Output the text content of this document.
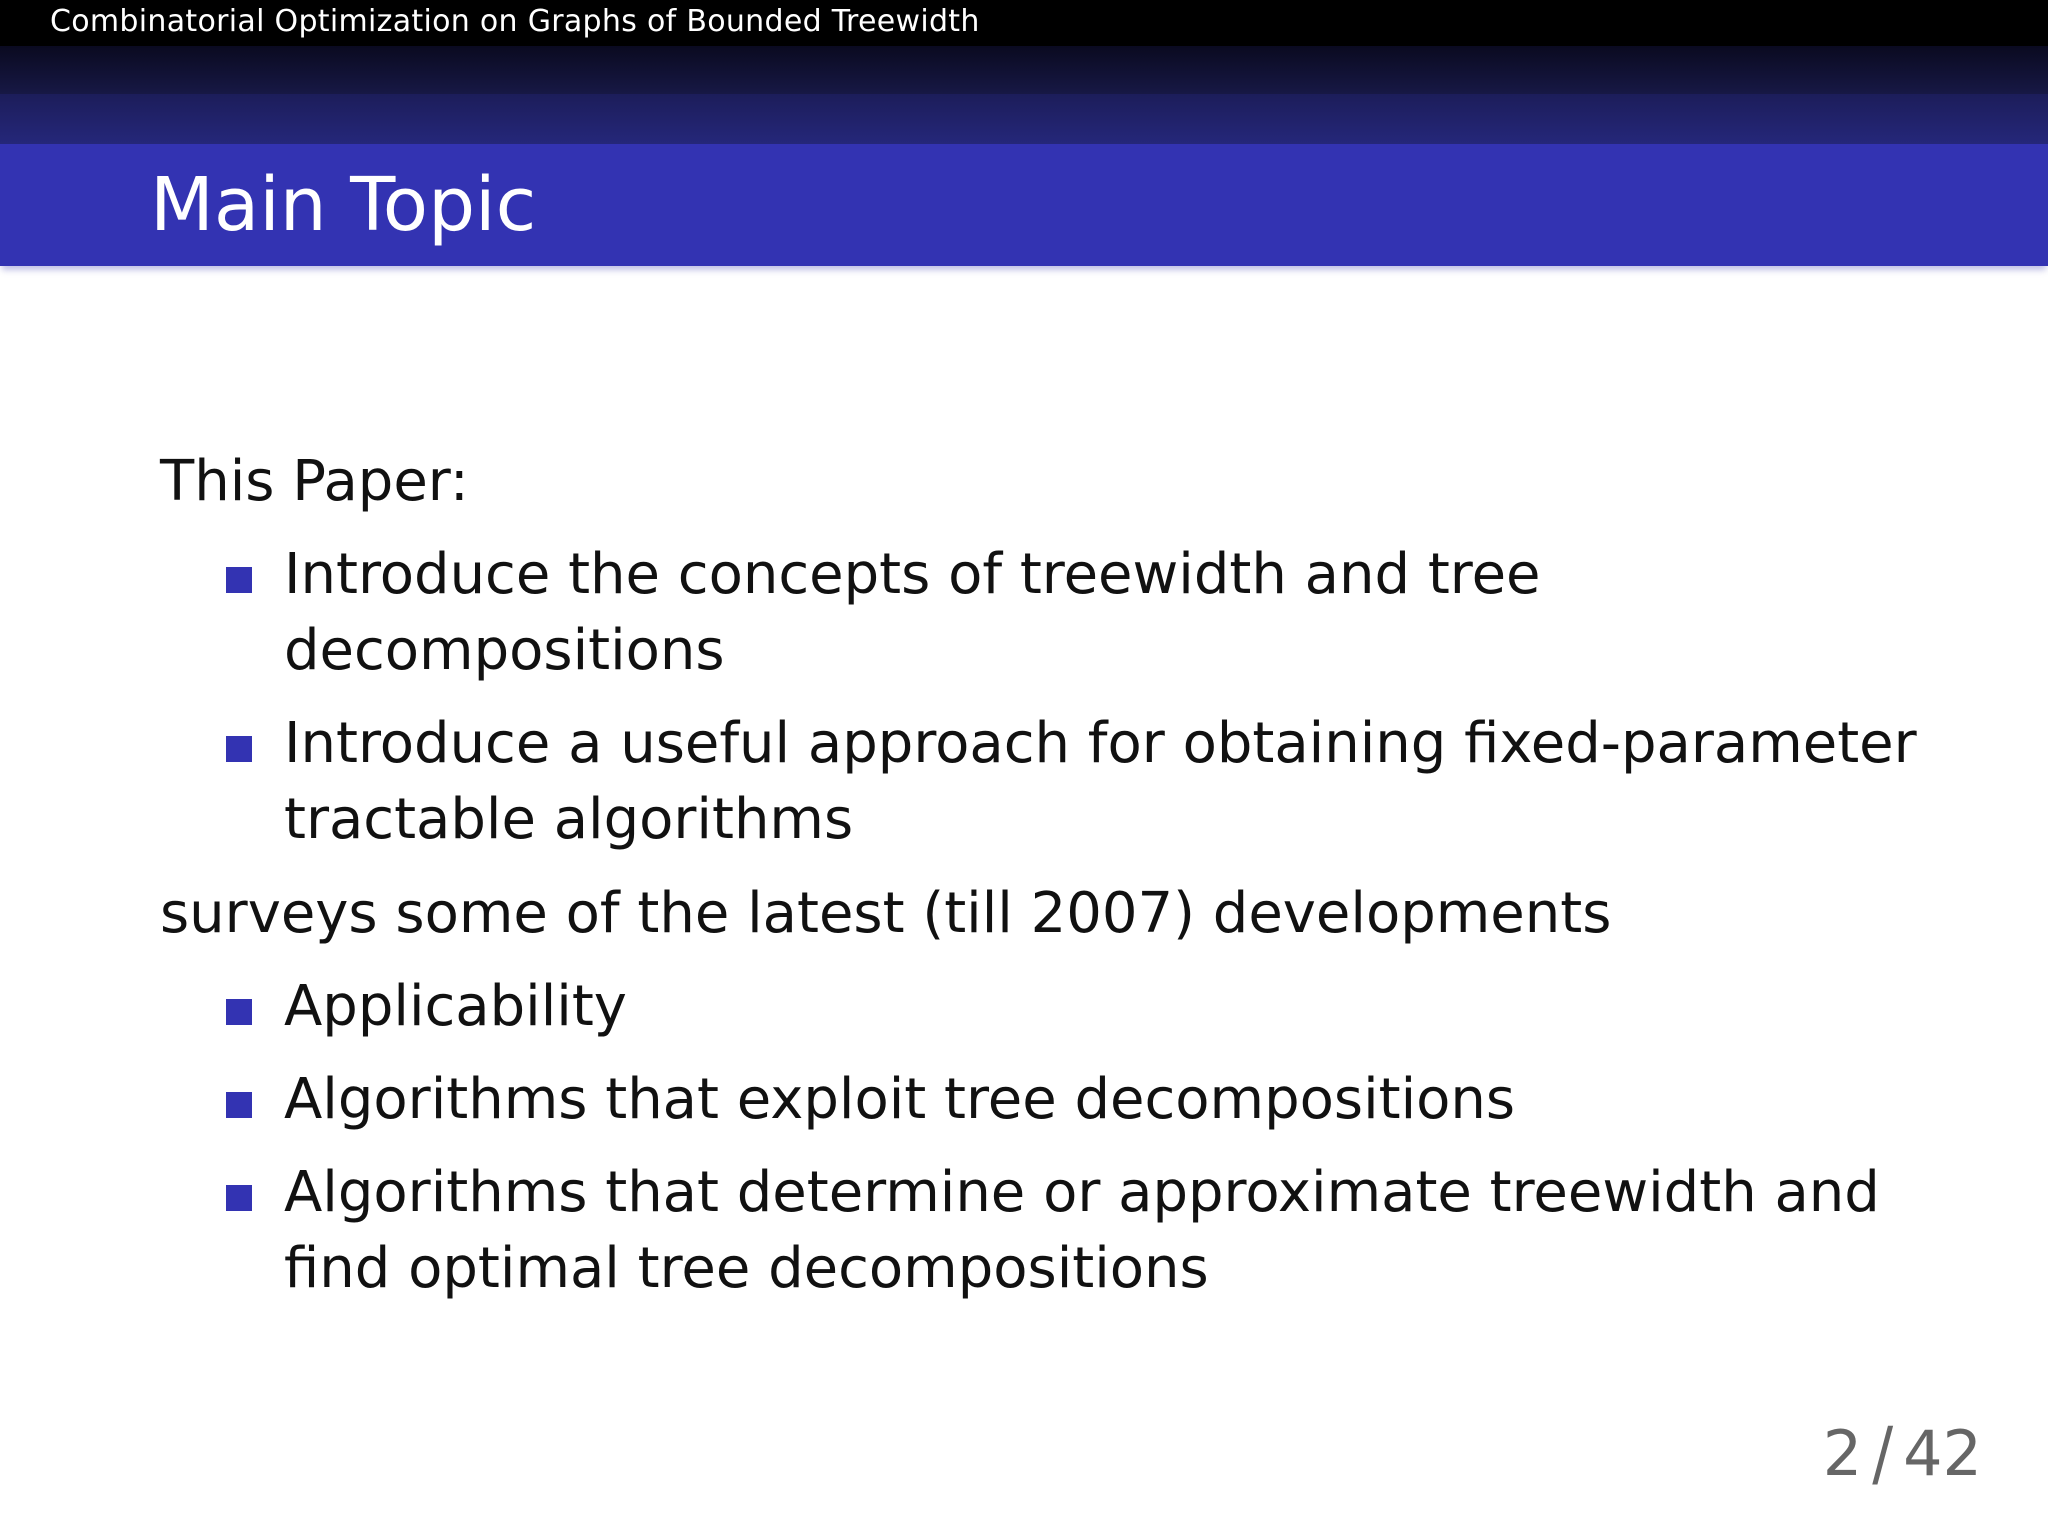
Combinatorial Optimization on Graphs of Bounded Treewidth
Main Topic

This Paper:

Introduce the concepts of treewidth and tree decompositions
Introduce a useful approach for obtaining fixed-parameter tractable algorithms

surveys some of the latest (till 2007) developments

Applicability
Algorithms that exploit tree decompositions
Algorithms that determine or approximate treewidth and find optimal tree decompositions
2 / 42
